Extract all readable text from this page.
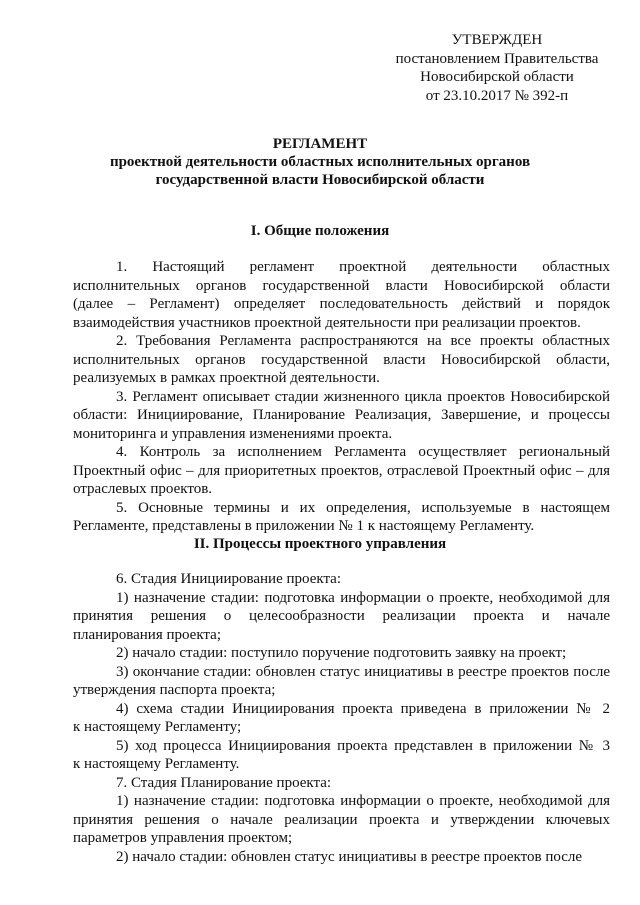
УТВЕРЖДЕН
постановлением Правительства
Новосибирской области
от 23.10.2017 № 392-п
РЕГЛАМЕНТ
проектной деятельности областных исполнительных органов
государственной власти Новосибирской области
I. Общие положения
1. Настоящий регламент проектной деятельности областных
исполнительных органов государственной власти Новосибирской области
(далее – Регламент) определяет последовательность действий и порядок
взаимодействия участников проектной деятельности при реализации проектов.
2. Требования Регламента распространяются на все проекты областных
исполнительных органов государственной власти Новосибирской области,
реализуемых в рамках проектной деятельности.
3. Регламент описывает стадии жизненного цикла проектов Новосибирской
области: Инициирование, Планирование Реализация, Завершение, и процессы
мониторинга и управления изменениями проекта.
4. Контроль за исполнением Регламента осуществляет региональный
Проектный офис – для приоритетных проектов, отраслевой Проектный офис – для
отраслевых проектов.
5. Основные термины и их определения, используемые в настоящем
Регламенте, представлены в приложении № 1 к настоящему Регламенту.
II. Процессы проектного управления
6. Стадия Инициирование проекта:
1) назначение стадии: подготовка информации о проекте, необходимой для
принятия решения о целесообразности реализации проекта и начале
планирования проекта;
2) начало стадии: поступило поручение подготовить заявку на проект;
3) окончание стадии: обновлен статус инициативы в реестре проектов после
утверждения паспорта проекта;
4) схема стадии Инициирования проекта приведена в приложении № 2
к настоящему Регламенту;
5) ход процесса Инициирования проекта представлен в приложении № 3
к настоящему Регламенту.
7. Стадия Планирование проекта:
1) назначение стадии: подготовка информации о проекте, необходимой для
принятия решения о начале реализации проекта и утверждении ключевых
параметров управления проектом;
2) начало стадии: обновлен статус инициативы в реестре проектов после
